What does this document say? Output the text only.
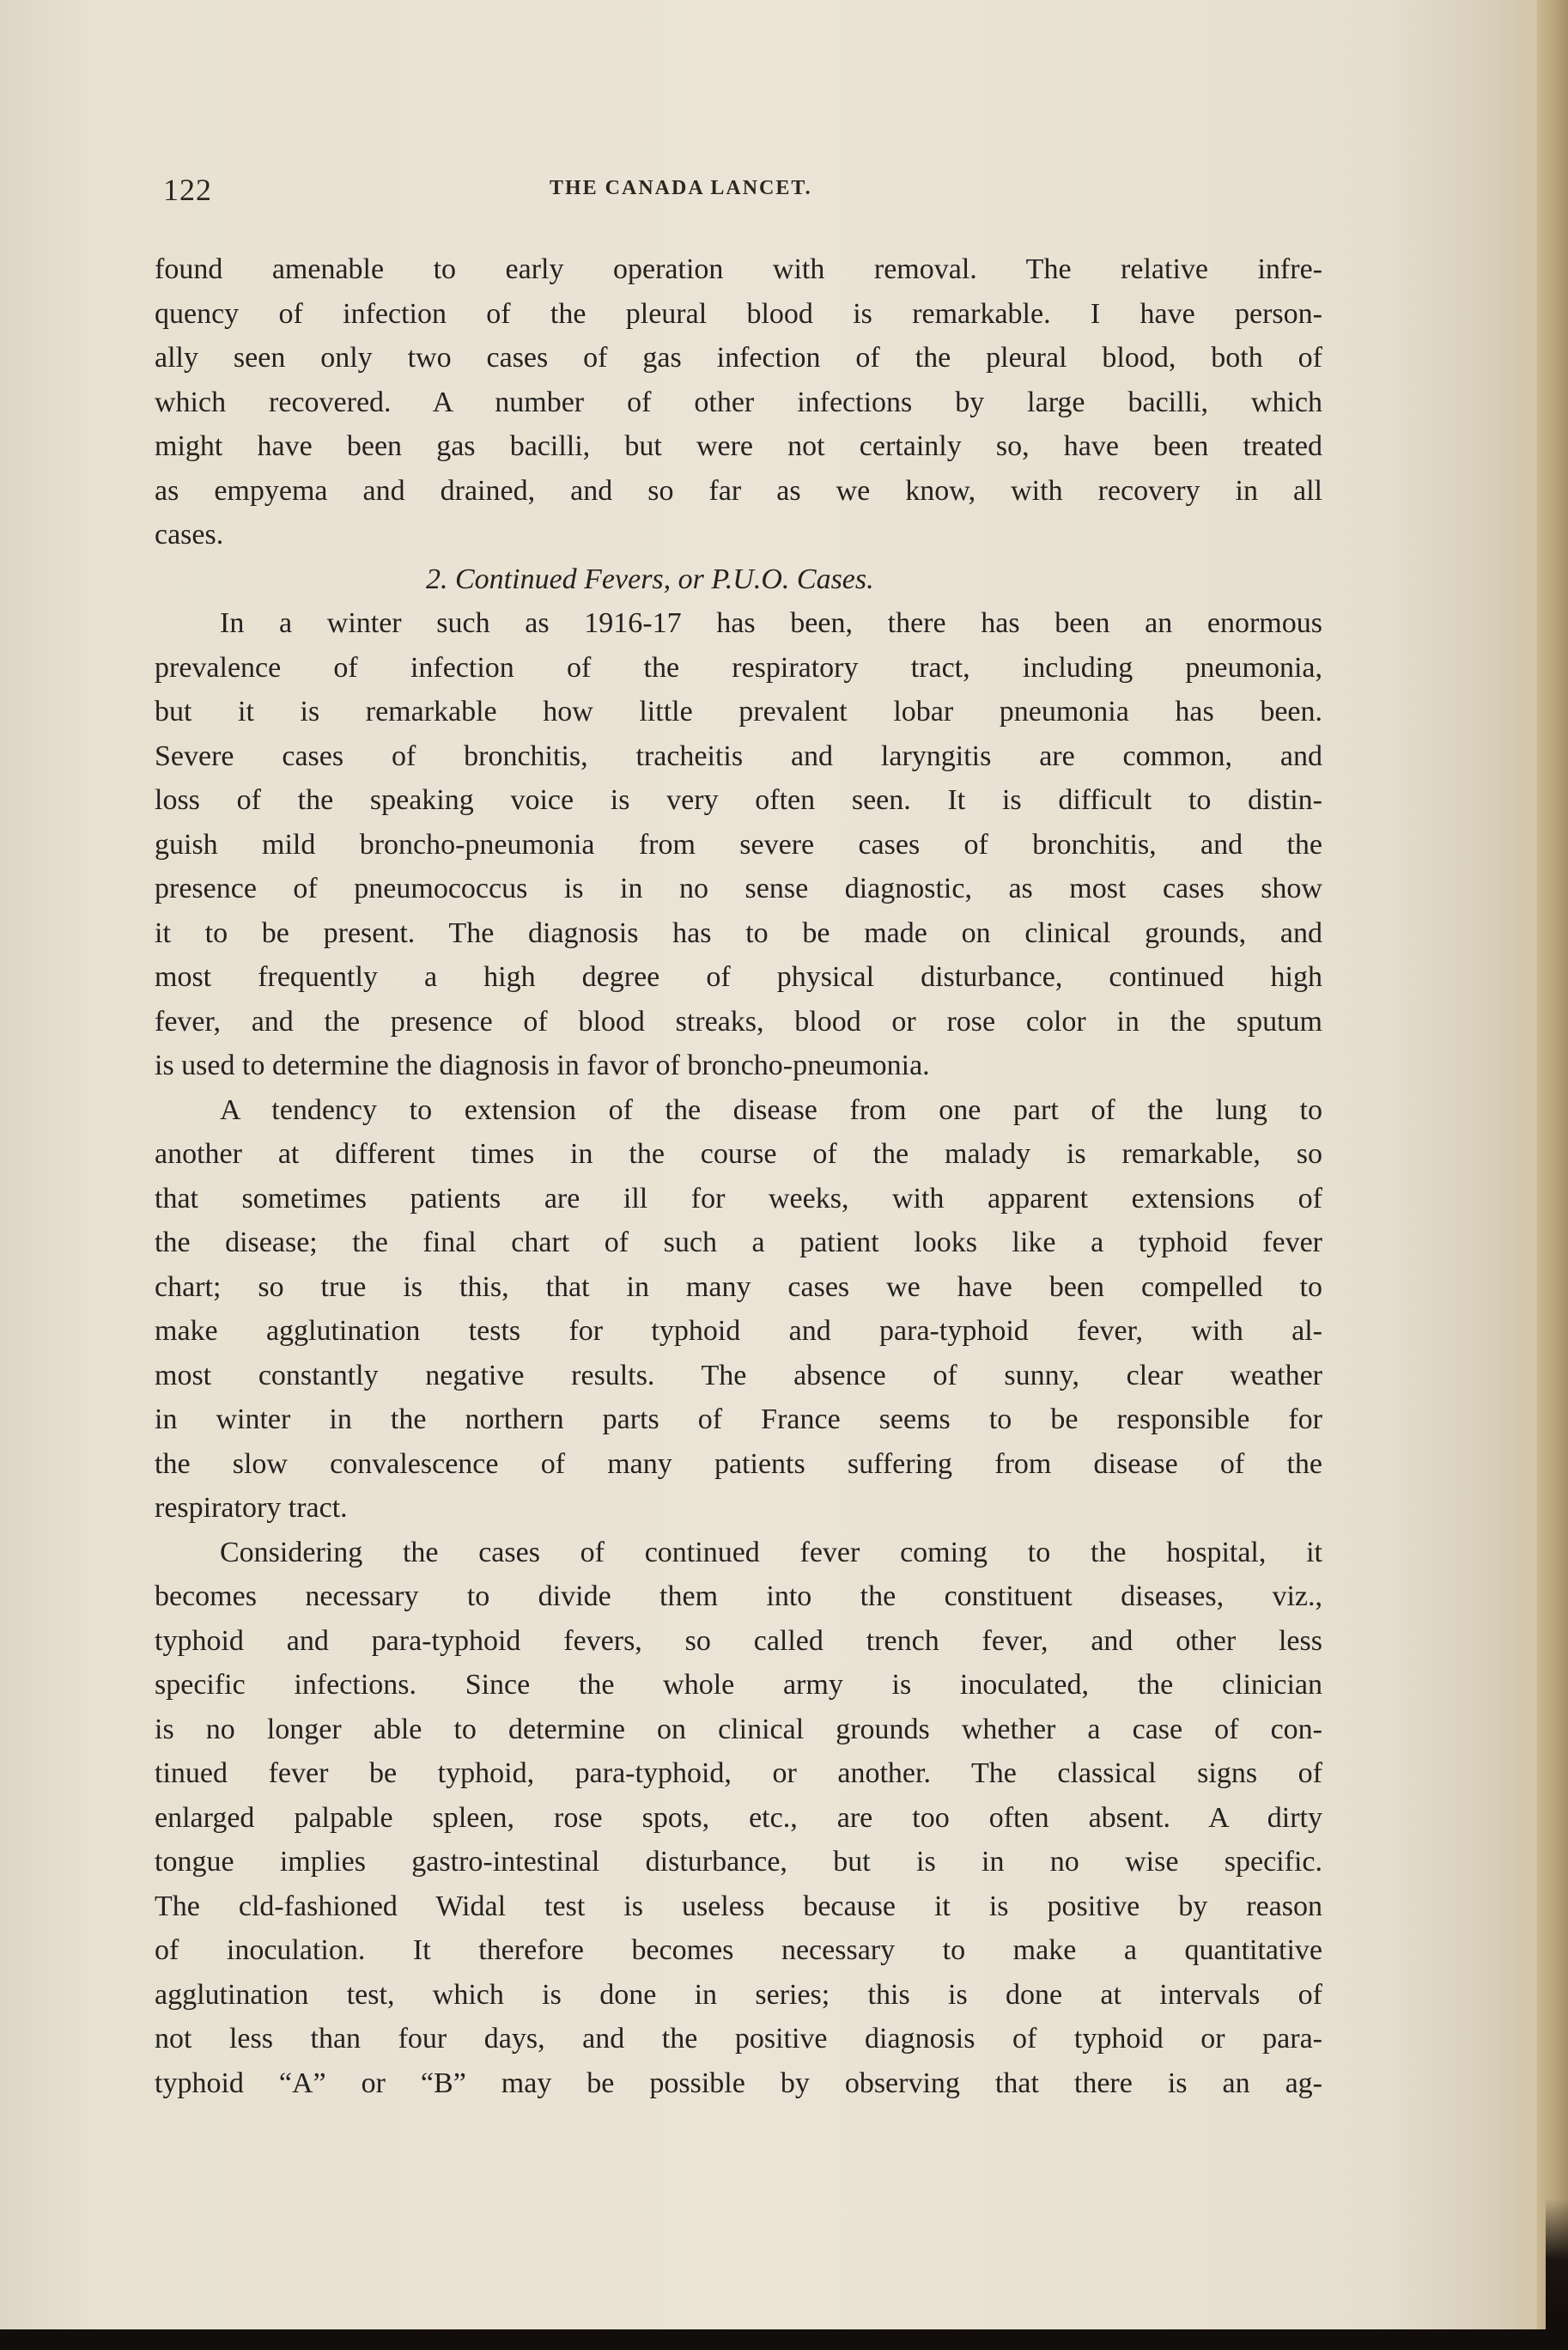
122	THE CANADA LANCET.
found amenable to early operation with removal. The relative infre-
quency of infection of the pleural blood is remarkable. I have person-
ally seen only two cases of gas infection of the pleural blood, both of
which recovered. A number of other infections by large bacilli, which
might have been gas bacilli, but were not certainly so, have been treated
as empyema and drained, and so far as we know, with recovery in all
cases.
2. Continued Fevers, or P.U.O. Cases.
In a winter such as 1916-17 has been, there has been an enormous
prevalence of infection of the respiratory tract, including pneumonia,
but it is remarkable how little prevalent lobar pneumonia has been.
Severe cases of bronchitis, tracheitis and laryngitis are common, and
loss of the speaking voice is very often seen. It is difficult to distin-
guish mild broncho-pneumonia from severe cases of bronchitis, and the
presence of pneumococcus is in no sense diagnostic, as most cases show
it to be present. The diagnosis has to be made on clinical grounds, and
most frequently a high degree of physical disturbance, continued high
fever, and the presence of blood streaks, blood or rose color in the sputum
is used to determine the diagnosis in favor of broncho-pneumonia.
A tendency to extension of the disease from one part of the lung to
another at different times in the course of the malady is remarkable, so
that sometimes patients are ill for weeks, with apparent extensions of
the disease; the final chart of such a patient looks like a typhoid fever
chart; so true is this, that in many cases we have been compelled to
make agglutination tests for typhoid and para-typhoid fever, with al-
most constantly negative results. The absence of sunny, clear weather
in winter in the northern parts of France seems to be responsible for
the slow convalescence of many patients suffering from disease of the
respiratory tract.
Considering the cases of continued fever coming to the hospital, it
becomes necessary to divide them into the constituent diseases, viz.,
typhoid and para-typhoid fevers, so called trench fever, and other less
specific infections. Since the whole army is inoculated, the clinician
is no longer able to determine on clinical grounds whether a case of con-
tinued fever be typhoid, para-typhoid, or another. The classical signs of
enlarged palpable spleen, rose spots, etc., are too often absent. A dirty
tongue implies gastro-intestinal disturbance, but is in no wise specific.
The cld-fashioned Widal test is useless because it is positive by reason
of inoculation. It therefore becomes necessary to make a quantitative
agglutination test, which is done in series; this is done at intervals of
not less than four days, and the positive diagnosis of typhoid or para-
typhoid “A” or “B” may be possible by observing that there is an ag-
